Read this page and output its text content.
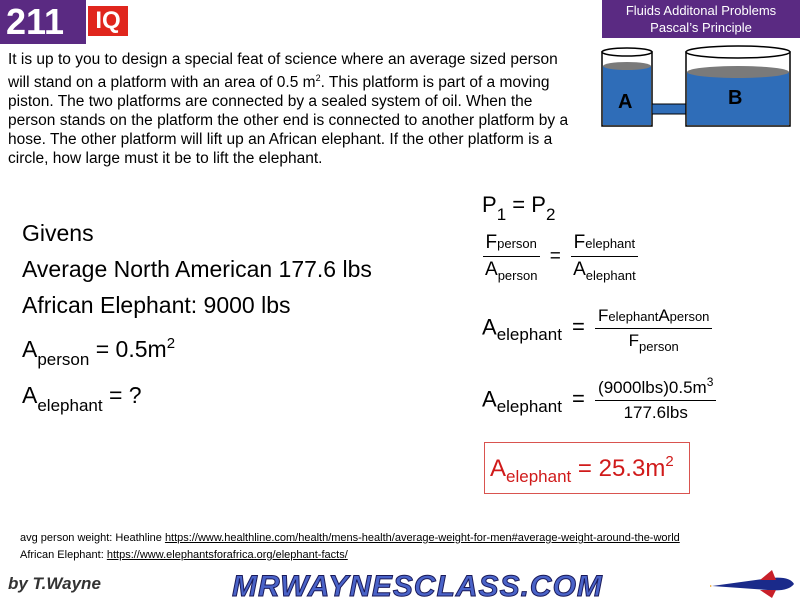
211	IQ	Fluids Additonal Problems
Pascal’s Principle
A	B
It is up to you to design a special feat of science where an average sized person will stand on a platform with an area of 0.5 $m^2$. This platform is part of a moving piston. The two platforms are connected by a sealed system of oil. When the person stands on the platform the other end is connected to another platform by a hose. The other platform will lift up an African elephant. If the other platform is a circle, how large must it be to lift the elephant.
Givens
Average North American 177.6 lbs
African Elephant: 9000 lbs
$A_{person} = 0.5m^2$
$A_{elephant}$ = ?
$P_1 = P_2$
$\frac{\text{Fperson}}{A_{person}} = \frac{\text{Felephant}}{A_{elephant}}$
$A_{elephant} = \frac{\text{FelephantAperson}}{F_{person}}$
$A_{elephant} = \frac{(9000lbs)0.5m^3}{\text{177.6lbs}}$
$A_{elephant} = 25.3m2$
avg person weight: Heathline https://www.healthline.com/health/mens-health/average-weight-for-men#average-weight-around-the-world
African Elephant: https://www.elephantsforafrica.org/elephant-facts/
by T.Wayne	MRWAYNESCLASS.COM
